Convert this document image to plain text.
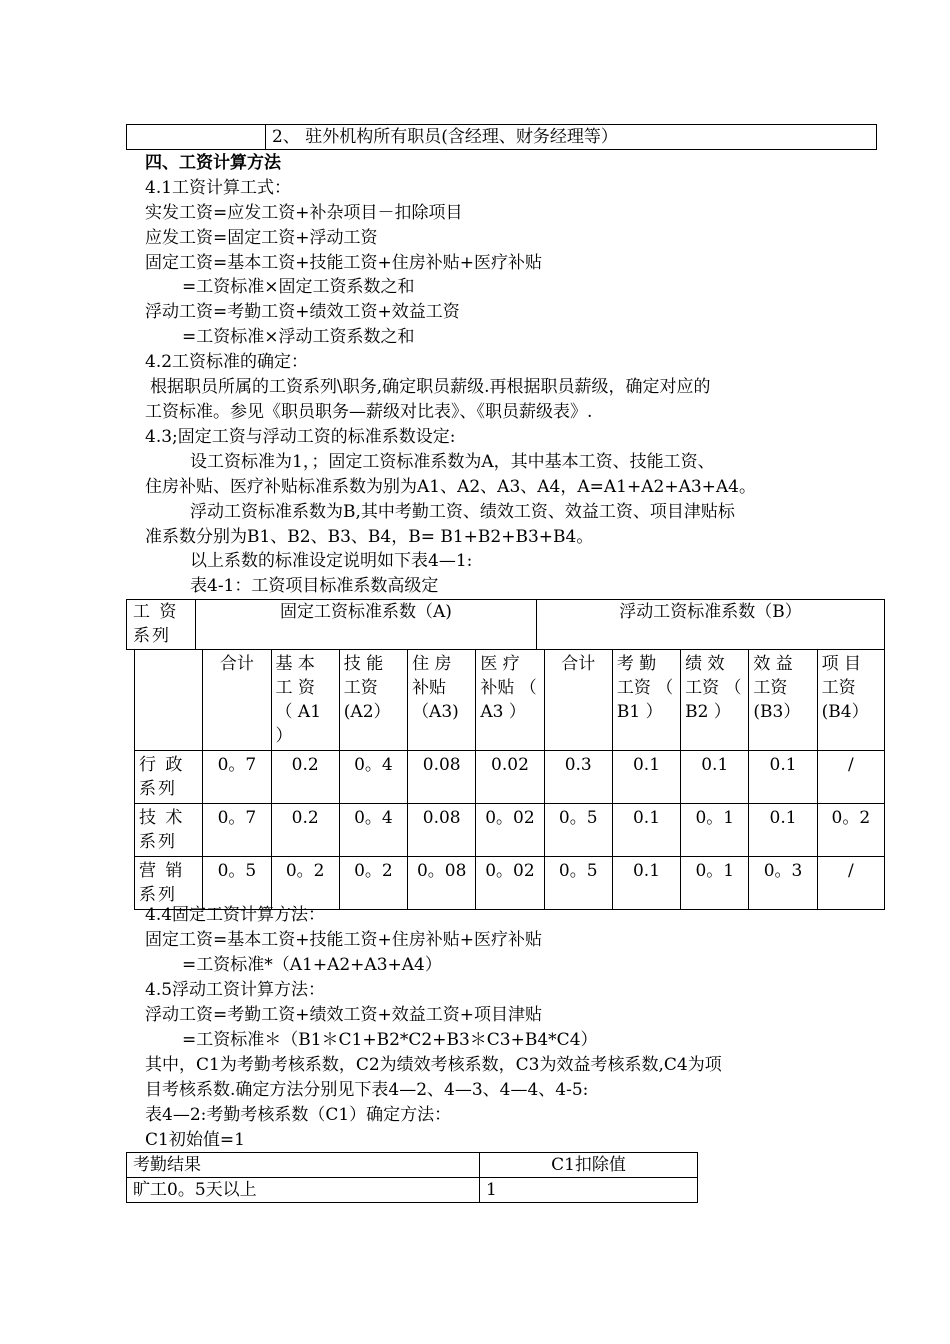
	2、 驻外机构所有职员(含经理、财务经理等）
四、工资计算方法
4.1工资计算工式：
实发工资=应发工资+补杂项目－扣除项目
应发工资=固定工资+浮动工资
固定工资=基本工资+技能工资+住房补贴+医疗补贴
=工资标准×固定工资系数之和
浮动工资=考勤工资+绩效工资+效益工资
=工资标准×浮动工资系数之和
4.2工资标准的确定：
根据职员所属的工资系列\职务,确定职员薪级.再根据职员薪级，确定对应的
工资标准。参见《职员职务—薪级对比表》、《职员薪级表》.
4.3;固定工资与浮动工资的标准系数设定:
设工资标准为1，；固定工资标准系数为A，其中基本工资、技能工资、
住房补贴、医疗补贴标准系数为别为A1、A2、A3、A4，A=A1+A2+A3+A4。
浮动工资标准系数为B,其中考勤工资、绩效工资、效益工资、项目津贴标
准系数分别为B1、B2、B3、B4，B= B1+B2+B3+B4。
以上系数的标准设定说明如下表4—1:
表4-1：工资项目标准系数高级定
工 资系列	固定工资标准系数（A)	浮动工资标准系数（B）
	合计	基 本 工 资 （ A1 ）	技 能 工资 (A2）	住 房 补贴 （A3)	医 疗 补贴 （ A3 ）	合计	考 勤 工资 （ B1 ）	绩 效 工资 （ B2 ）	效 益 工资 (B3）	项 目 工资 (B4）
行 政系列	0。7	0.2	0。4	0.08	0.02	0.3	0.1	0.1	0.1	/
技 术系列	0。7	0.2	0。4	0.08	0。02	0。5	0.1	0。1	0.1	0。2
营 销系列	0。5	0。2	0。2	0。08	0。02	0。5	0.1	0。1	0。3	/
4.4固定工资计算方法：
固定工资=基本工资+技能工资+住房补贴+医疗补贴
=工资标准*（A1+A2+A3+A4）
4.5浮动工资计算方法：
浮动工资=考勤工资+绩效工资+效益工资+项目津贴
=工资标准＊（B1＊C1+B2*C2+B3＊C3+B4*C4）
其中，C1为考勤考核系数，C2为绩效考核系数，C3为效益考核系数,C4为项
目考核系数.确定方法分别见下表4—2、4—3、4—4、4-5:
表4—2:考勤考核系数（C1）确定方法：
C1初始值=1
考勤结果	C1扣除值
旷工0。5天以上	1
